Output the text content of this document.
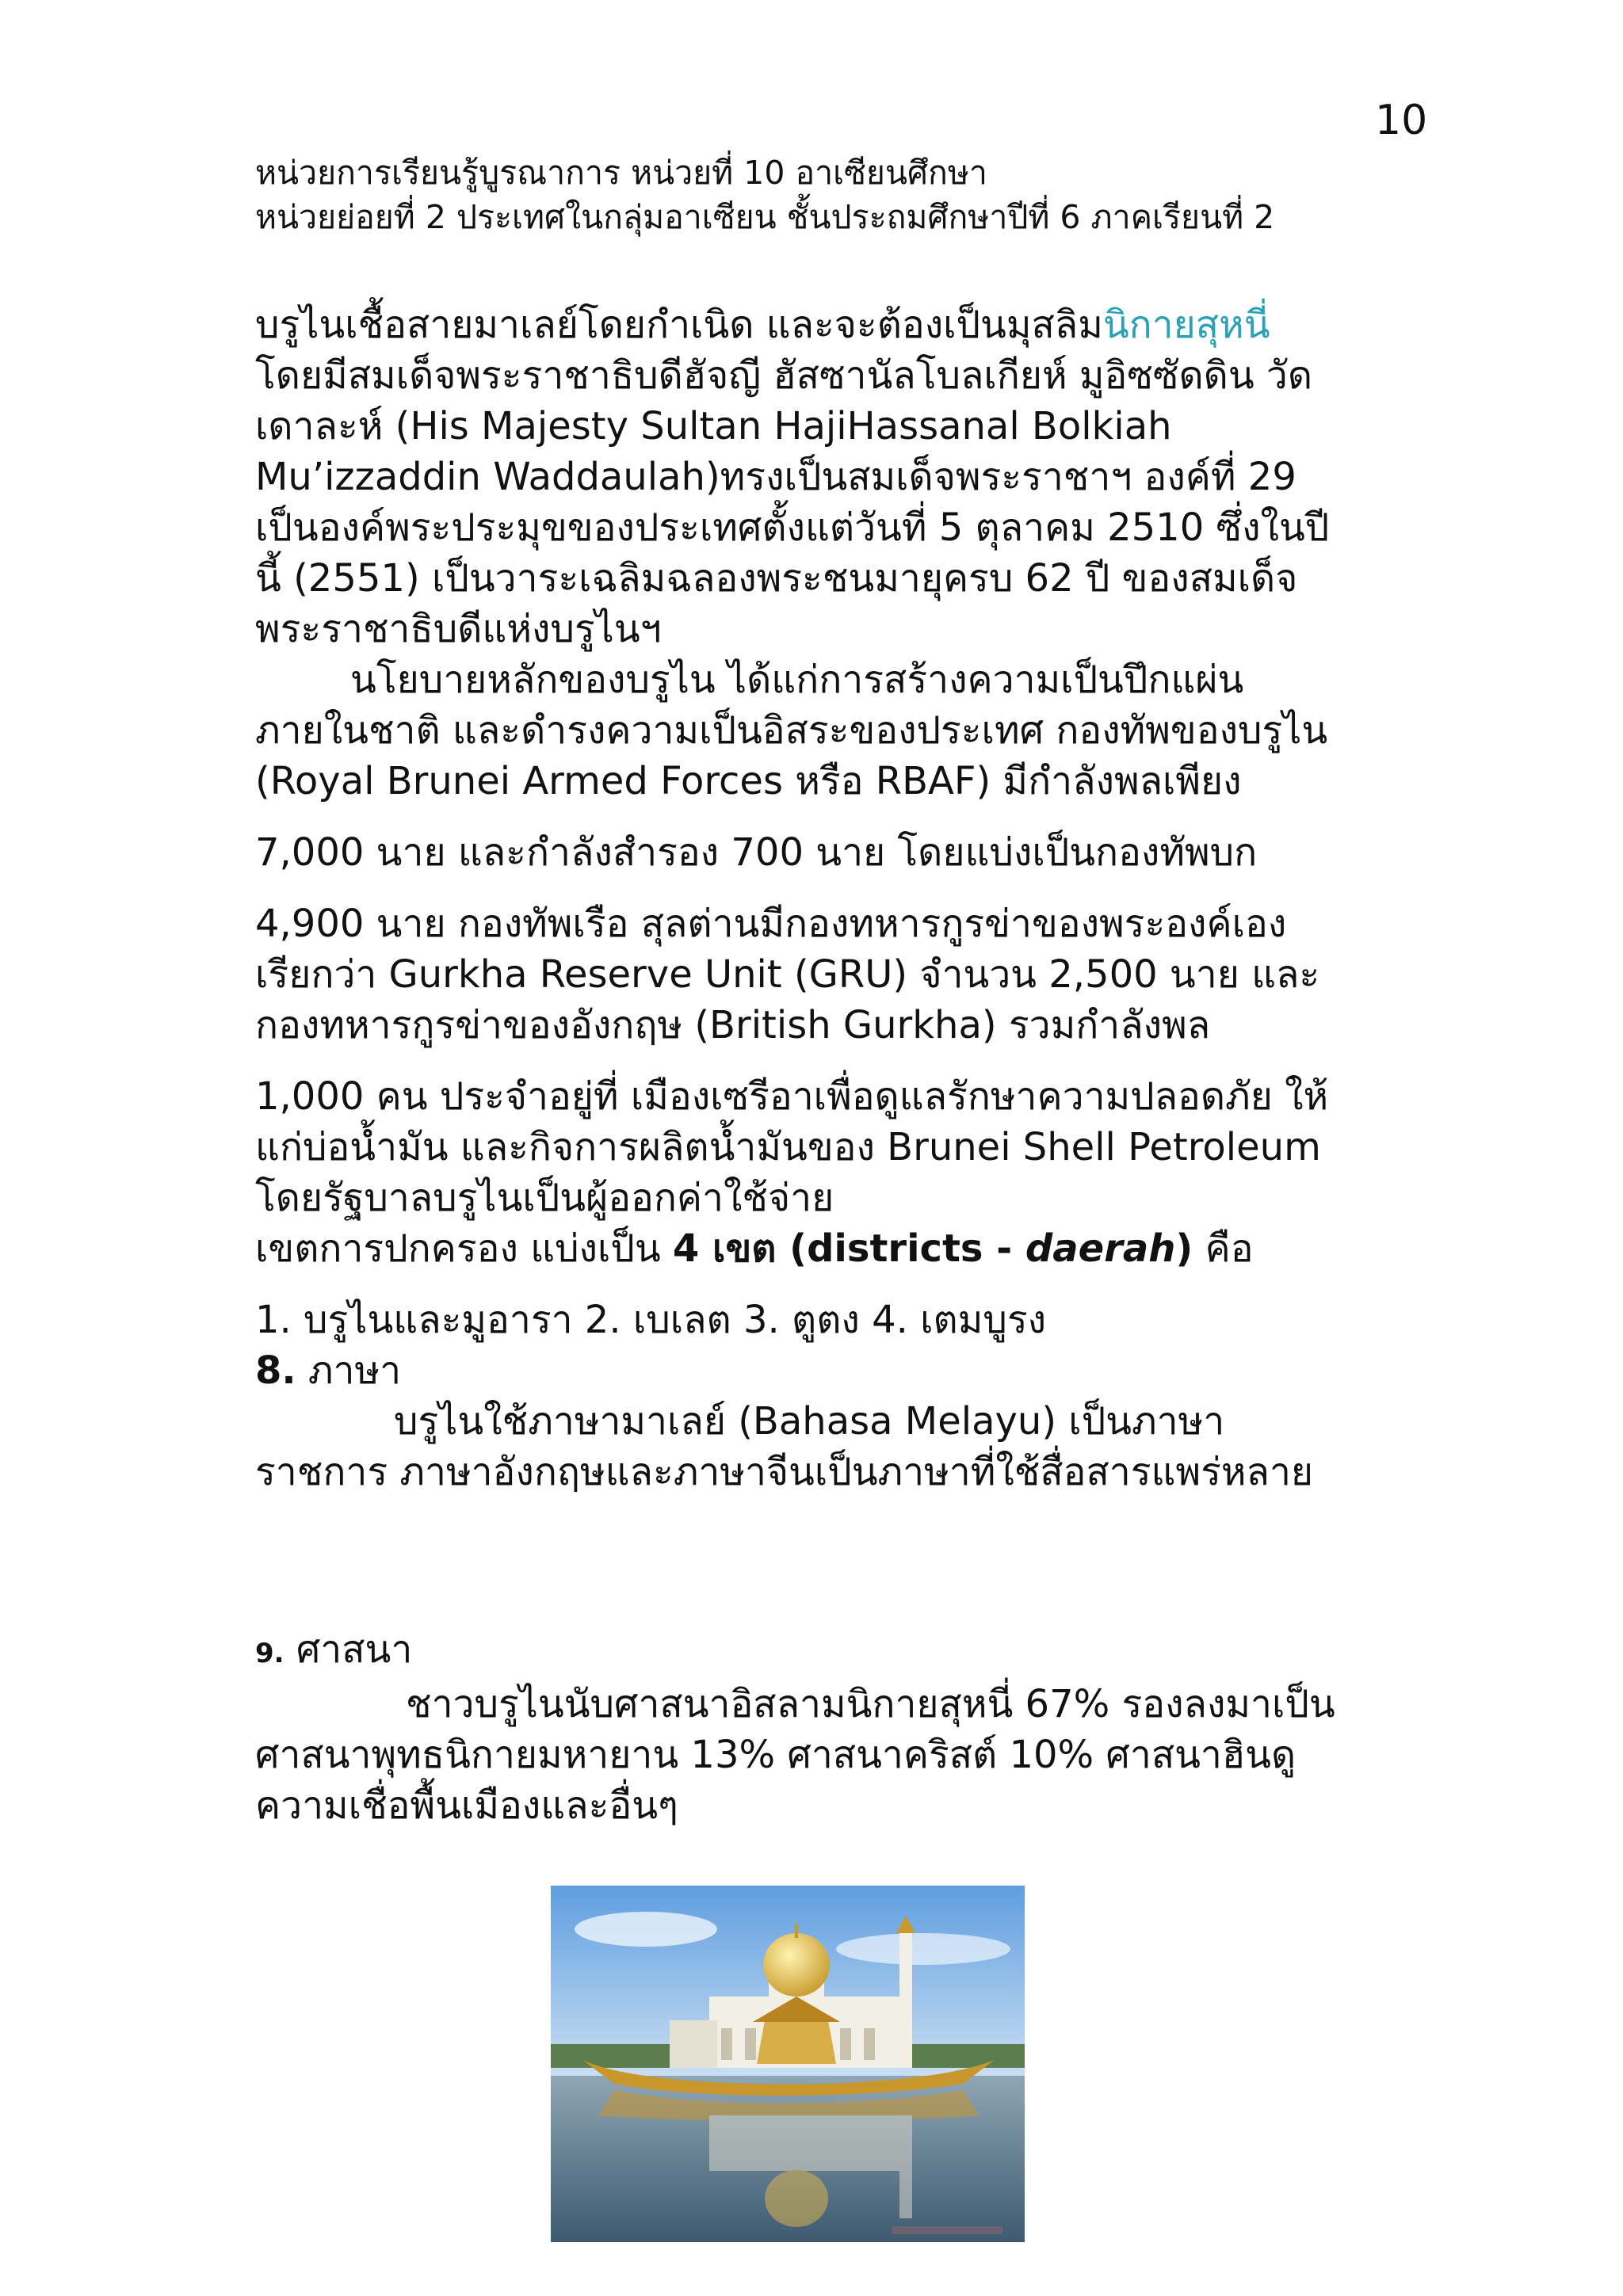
10
หน่วยการเรียนรู้บูรณาการ หน่วยที่ 10 อาเซียนศึกษา
หน่วยย่อยที่ 2 ประเทศในกลุ่มอาเซียน ชั้นประถมศึกษาปีที่ 6 ภาคเรียนที่ 2

บรูไนเชื้อสายมาเลย์โดยกำเนิด และจะต้องเป็นมุสลิมนิกายสุหนี่

โดยมีสมเด็จพระราชาธิบดีฮัจญี ฮัสซานัลโบลเกียห์ มูอิซซัดดิน วัด

เดาละห์ (His Majesty Sultan HajiHassanal Bolkiah

Mu’izzaddin Waddaulah)ทรงเป็นสมเด็จพระราชาฯ องค์ที่ 29

เป็นองค์พระประมุขของประเทศตั้งแต่วันที่ 5 ตุลาคม 2510 ซึ่งในปี

นี้ (2551) เป็นวาระเฉลิมฉลองพระชนมายุครบ 62 ปี ของสมเด็จ

พระราชาธิบดีแห่งบรูไนฯ

นโยบายหลักของบรูไน ได้แก่การสร้างความเป็นปึกแผ่น

ภายในชาติ และดำรงความเป็นอิสระของประเทศ กองทัพของบรูไน

(Royal Brunei Armed Forces หรือ RBAF) มีกำลังพลเพียง

7,000 นาย และกำลังสำรอง 700 นาย โดยแบ่งเป็นกองทัพบก

4,900 นาย กองทัพเรือ สุลต่านมีกองทหารกูรข่าของพระองค์เอง

เรียกว่า Gurkha Reserve Unit (GRU) จำนวน 2,500 นาย และ

กองทหารกูรข่าของอังกฤษ (British Gurkha) รวมกำลังพล

1,000 คน ประจำอยู่ที่ เมืองเซรีอาเพื่อดูแลรักษาความปลอดภัย ให้

แก่บ่อน้ำมัน และกิจการผลิตน้ำมันของ Brunei Shell Petroleum

โดยรัฐบาลบรูไนเป็นผู้ออกค่าใช้จ่าย

เขตการปกครอง แบ่งเป็น 4 เขต (districts - daerah) คือ

1. บรูไนและมูอารา 2. เบเลต 3. ตูตง 4. เตมบูรง

8. ภาษา

บรูไนใช้ภาษามาเลย์ (Bahasa Melayu) เป็นภาษา

ราชการ ภาษาอังกฤษและภาษาจีนเป็นภาษาที่ใช้สื่อสารแพร่หลาย

9. ศาสนา

ชาวบรูไนนับศาสนาอิสลามนิกายสุหนี่ 67% รองลงมาเป็น

ศาสนาพุทธนิกายมหายาน 13% ศาสนาคริสต์ 10% ศาสนาฮินดู

ความเชื่อพื้นเมืองและอื่นๆ
